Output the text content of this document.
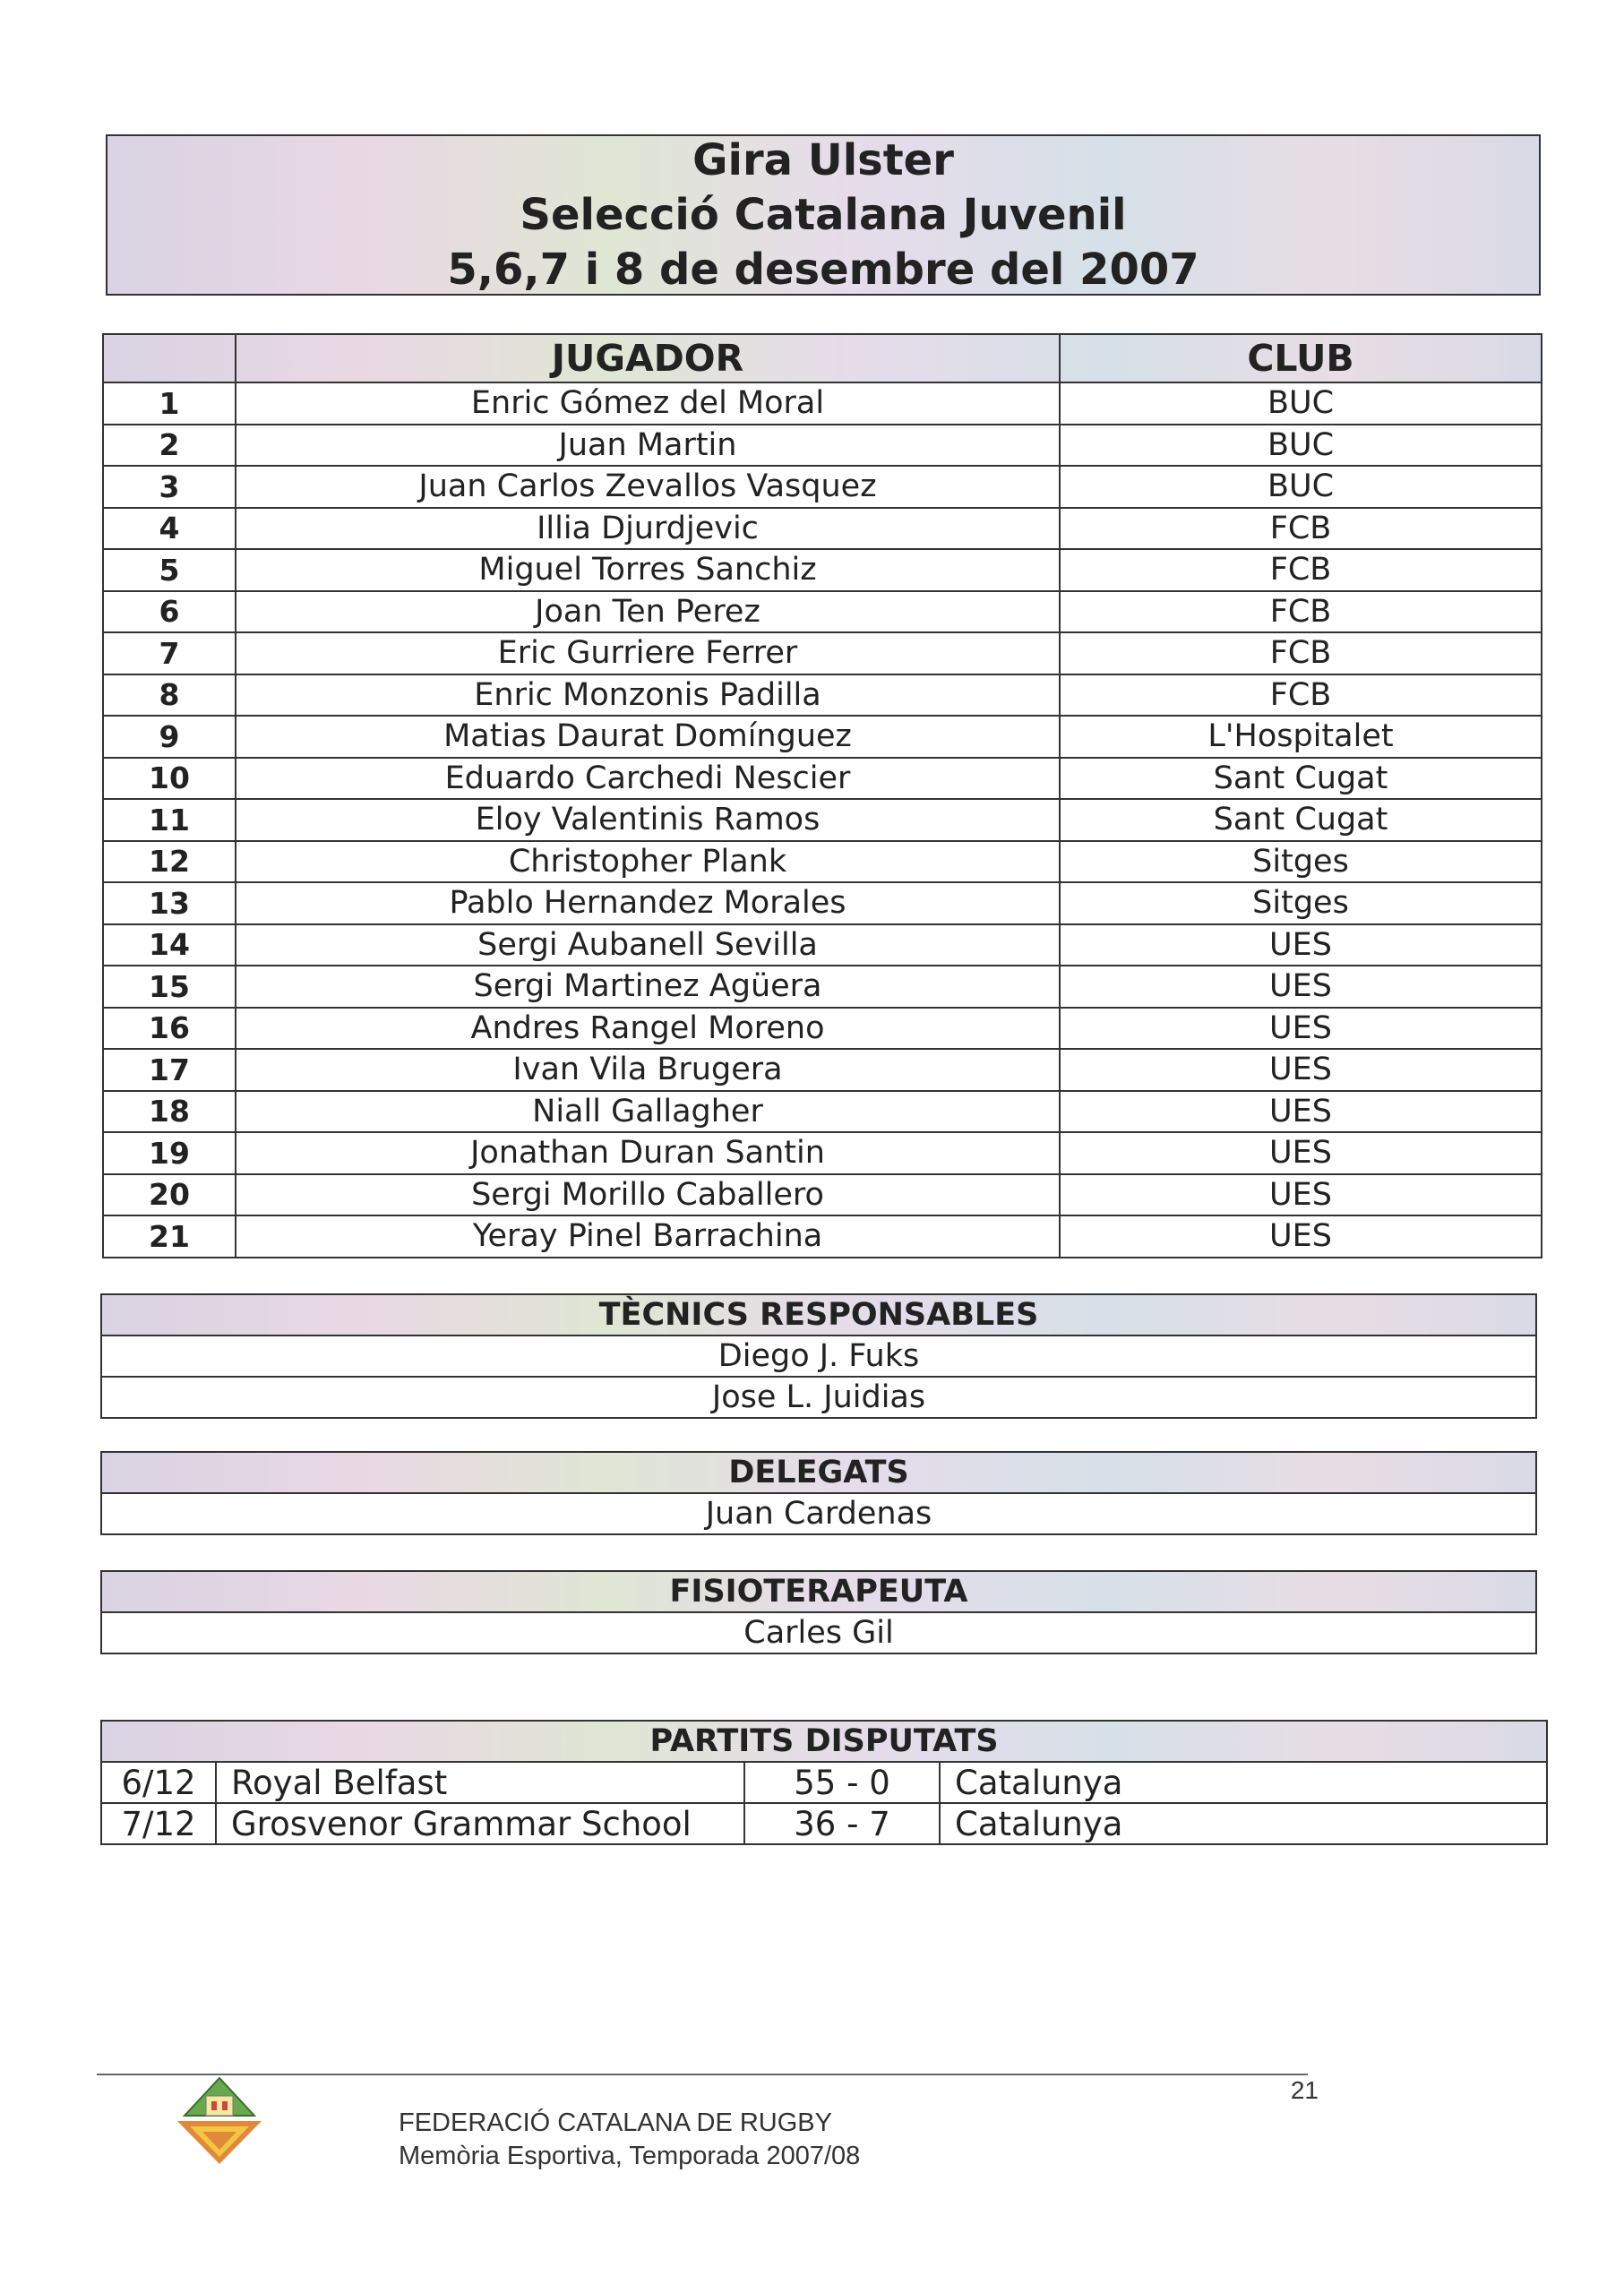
Gira Ulster
Selecció Catalana Juvenil
5,6,7 i 8 de desembre del 2007
	JUGADOR	CLUB
1	Enric Gómez del Moral	BUC
2	Juan Martin	BUC
3	Juan Carlos Zevallos Vasquez	BUC
4	Illia Djurdjevic	FCB
5	Miguel Torres Sanchiz	FCB
6	Joan Ten Perez	FCB
7	Eric Gurriere Ferrer	FCB
8	Enric Monzonis Padilla	FCB
9	Matias Daurat Domínguez	L'Hospitalet
10	Eduardo Carchedi Nescier	Sant Cugat
11	Eloy Valentinis Ramos	Sant Cugat
12	Christopher Plank	Sitges
13	Pablo Hernandez Morales	Sitges
14	Sergi Aubanell Sevilla	UES
15	Sergi Martinez Agüera	UES
16	Andres Rangel Moreno	UES
17	Ivan Vila Brugera	UES
18	Niall Gallagher	UES
19	Jonathan Duran Santin	UES
20	Sergi Morillo Caballero	UES
21	Yeray Pinel Barrachina	UES
TÈCNICS RESPONSABLES
Diego J. Fuks
Jose L. Juidias
DELEGATS
Juan Cardenas
FISIOTERAPEUTA
Carles Gil
PARTITS DISPUTATS			
6/12	Royal Belfast	55 - 0	Catalunya
7/12	Grosvenor Grammar School	36 - 7	Catalunya
21
FEDERACIÓ CATALANA DE RUGBY
Memòria Esportiva, Temporada 2007/08
